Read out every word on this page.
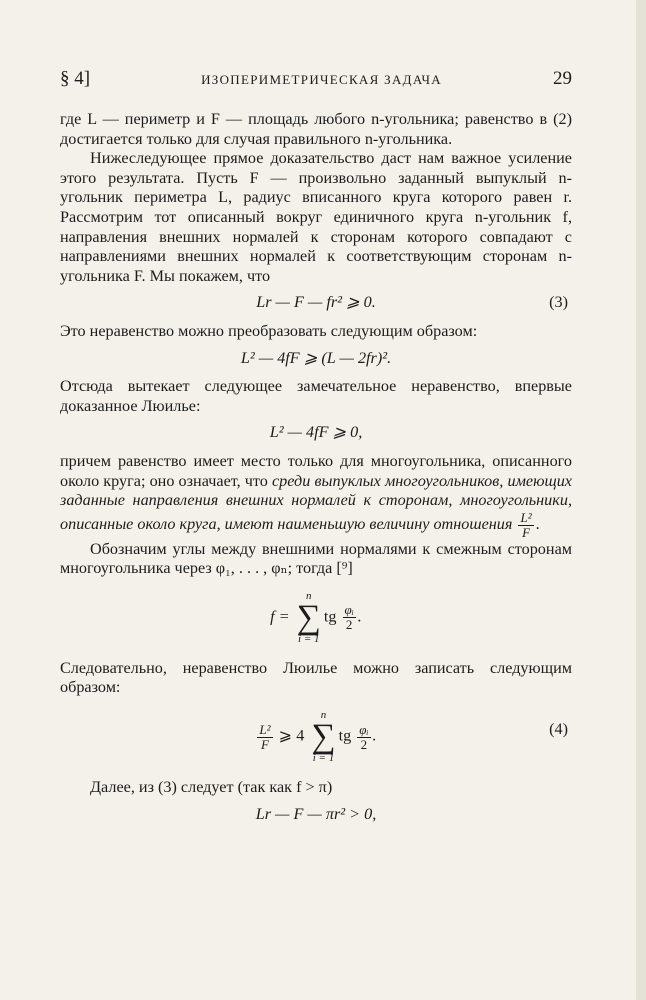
§ 4]	ИЗОПЕРИМЕТРИЧЕСКАЯ ЗАДАЧА	29

где L — периметр и F — площадь любого n-угольника; равенство в (2) достигается только для случая правильного n-угольника.

Нижеследующее прямое доказательство даст нам важное усиление этого результата. Пусть F — произвольно заданный выпуклый n-угольник периметра L, радиус вписанного круга которого равен r. Рассмотрим тот описанный вокруг единичного круга n-угольник f, направления внешних нормалей к сторонам которого совпадают с направлениями внешних нормалей к соответствующим сторонам n-угольника F. Мы покажем, что

Lr — F — fr² ⩾ 0.	(3)

Это неравенство можно преобразовать следующим образом:

L² — 4fF ⩾ (L — 2fr)².

Отсюда вытекает следующее замечательное неравенство, впервые доказанное Люилье:

L² — 4fF ⩾ 0,

причем равенство имеет место только для многоугольника, описанного около круга; оно означает, что среди выпуклых многоугольников, имеющих заданные направления внешних нормалей к сторонам, многоугольники, описанные около круга, имеют наименьшую величину отношения $\frac{\text{L²}}{F}$ .

Обозначим углы между внешними нормалями к смежным сторонам многоугольника через φ₁, . . . , φₙ; тогда [⁹]

f =
n
∑
i = 1
tg $\frac{\text{φᵢ}}{2}$ .

Следовательно, неравенство Люилье можно записать следующим образом:

$\frac{\text{L²}}{F}$ ⩾ 4
n
∑
i = 1
tg $\frac{\text{φᵢ}}{2}$ .	(4)

Далее, из (3) следует (так как f > π)

Lr — F — πr² > 0,
